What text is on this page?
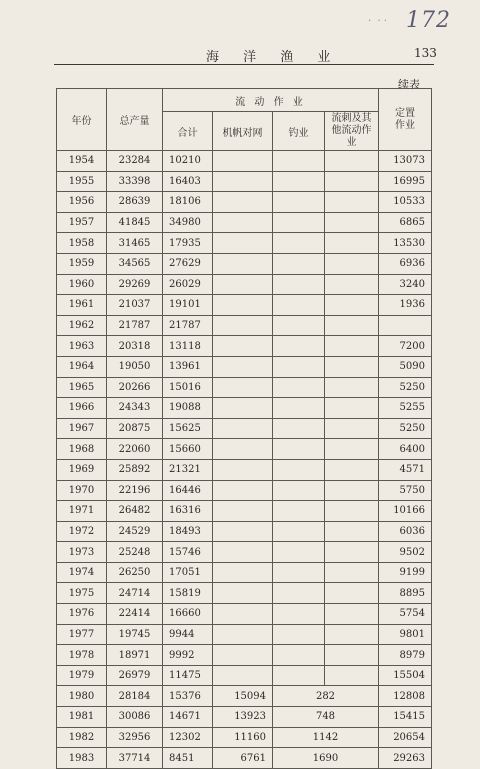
·  · · 172
海 洋 渔 业	133
续表
年份	总产量	流 动 作 业				定置作业
		合计	机帆对网	钓业	流刺及其他流动作业	
1954	23284	10210				13073
1955	33398	16403				16995
1956	28639	18106				10533
1957	41845	34980				6865
1958	31465	17935				13530
1959	34565	27629				6936
1960	29269	26029				3240
1961	21037	19101				1936
1962	21787	21787				
1963	20318	13118				7200
1964	19050	13961				5090
1965	20266	15016				5250
1966	24343	19088				5255
1967	20875	15625				5250
1968	22060	15660				6400
1969	25892	21321				4571
1970	22196	16446				5750
1971	26482	16316				10166
1972	24529	18493				6036
1973	25248	15746				9502
1974	26250	17051				9199
1975	24714	15819				8895
1976	22414	16660				5754
1977	19745	9944				9801
1978	18971	9992				8979
1979	26979	11475				15504
1980	28184	15376	15094	282		12808
1981	30086	14671	13923	748		15415
1982	32956	12302	11160	1142		20654
1983	37714	8451	6761	1690		29263
